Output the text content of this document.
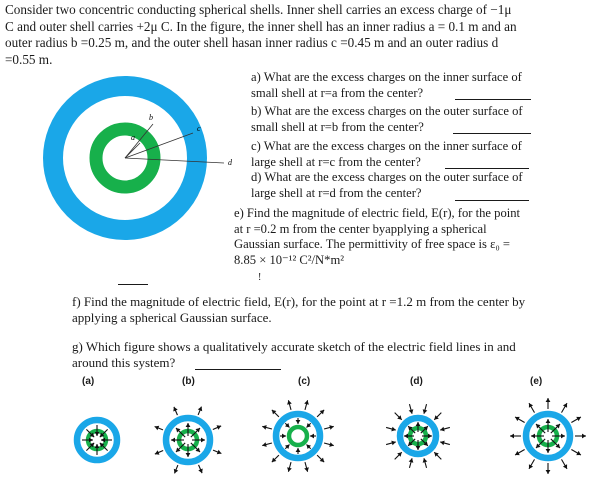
Consider two concentric conducting spherical shells. Inner shell carries an excess charge of −1μ
C and outer shell carries +2μ C. In the figure, the inner shell has an inner radius a = 0.1 m and an
outer radius b =0.25 m, and the outer shell hasan inner radius c =0.45 m and an outer radius d
=0.55 m.
a
b
c
d
a) What are the excess charges on the inner surface of
small shell at r=a from the center?
b) What are the excess charges on the outer surface of
small shell at r=b from the center?
c) What are the excess charges on the inner surface of
large shell at r=c from the center?
d) What are the excess charges on the outer surface of
large shell at r=d from the center?
e) Find the magnitude of electric field, E(r), for the point
at r =0.2 m from the center byapplying a spherical
Gaussian surface. The permittivity of free space is ε₀ =
8.85 × 10⁻¹² C²/N*m²
!
f) Find the magnitude of electric field, E(r), for the point at r =1.2 m from the center by
applying a spherical Gaussian surface.
g) Which figure shows a qualitatively accurate sketch of the electric field lines in and
around this system?
(a)	(b)	(c)	(d)	(e)
